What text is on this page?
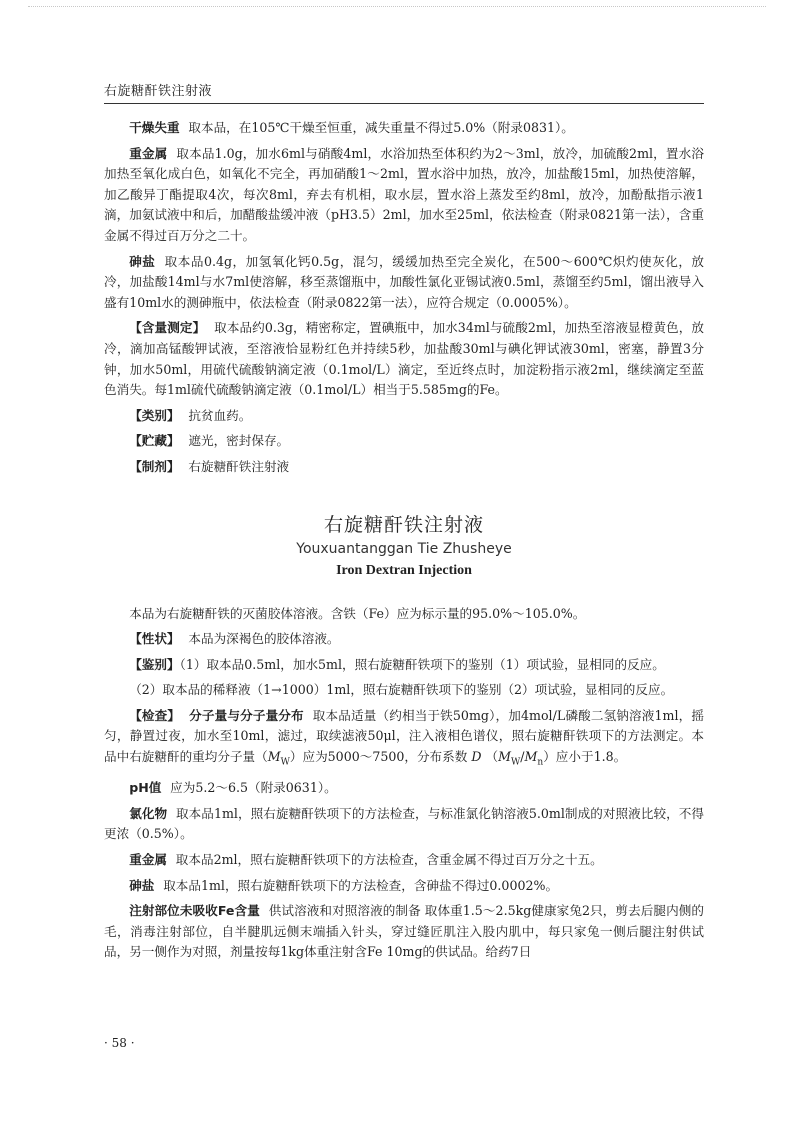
右旋糖酐铁注射液

干燥失重 取本品，在105℃干燥至恒重，减失重量不得过5.0%（附录0831）。

重金属 取本品1.0g，加水6ml与硝酸4ml，水浴加热至体积约为2～3ml，放冷，加硫酸2ml，置水浴加热至氧化成白色，如氧化不完全，再加硝酸1～2ml，置水浴中加热，放冷，加盐酸15ml，加热使溶解，加乙酸异丁酯提取4次，每次8ml，弃去有机相，取水层，置水浴上蒸发至约8ml，放冷，加酚酞指示液1滴，加氨试液中和后，加醋酸盐缓冲液（pH3.5）2ml，加水至25ml，依法检查（附录0821第一法），含重金属不得过百万分之二十。

砷盐 取本品0.4g，加氢氧化钙0.5g，混匀，缓缓加热至完全炭化，在500～600℃炽灼使灰化，放冷，加盐酸14ml与水7ml使溶解，移至蒸馏瓶中，加酸性氯化亚锡试液0.5ml，蒸馏至约5ml，馏出液导入盛有10ml水的测砷瓶中，依法检查（附录0822第一法），应符合规定（0.0005%）。

【含量测定】 取本品约0.3g，精密称定，置碘瓶中，加水34ml与硫酸2ml，加热至溶液显橙黄色，放冷，滴加高锰酸钾试液，至溶液恰显粉红色并持续5秒，加盐酸30ml与碘化钾试液30ml，密塞，静置3分钟，加水50ml，用硫代硫酸钠滴定液（0.1mol/L）滴定，至近终点时，加淀粉指示液2ml，继续滴定至蓝色消失。每1ml硫代硫酸钠滴定液（0.1mol/L）相当于5.585mg的Fe。

【类别】 抗贫血药。

【贮藏】 遮光，密封保存。

【制剂】 右旋糖酐铁注射液

右旋糖酐铁注射液
Youxuantanggan Tie Zhusheye
Iron Dextran Injection

本品为右旋糖酐铁的灭菌胶体溶液。含铁（Fe）应为标示量的95.0%～105.0%。

【性状】 本品为深褐色的胶体溶液。

【鉴别】（1）取本品0.5ml，加水5ml，照右旋糖酐铁项下的鉴别（1）项试验，显相同的反应。

（2）取本品的稀释液（1→1000）1ml，照右旋糖酐铁项下的鉴别（2）项试验，显相同的反应。

【检查】 分子量与分子量分布 取本品适量（约相当于铁50mg），加4mol/L磷酸二氢钠溶液1ml，摇匀，静置过夜，加水至10ml，滤过，取续滤液50μl，注入液相色谱仪，照右旋糖酐铁项下的方法测定。本品中右旋糖酐的重均分子量$(M_W)$应为5000～7500，分布系数 D $(M_W/M_n)$应小于1.8。

pH值 应为5.2～6.5（附录0631）。

氯化物 取本品1ml，照右旋糖酐铁项下的方法检查，与标准氯化钠溶液5.0ml制成的对照液比较，不得更浓（0.5%）。

重金属 取本品2ml，照右旋糖酐铁项下的方法检查，含重金属不得过百万分之十五。

砷盐 取本品1ml，照右旋糖酐铁项下的方法检查，含砷盐不得过0.0002%。

注射部位未吸收Fe含量 供试溶液和对照溶液的制备 取体重1.5～2.5kg健康家兔2只，剪去后腿内侧的毛，消毒注射部位，自半腱肌远侧末端插入针头，穿过缝匠肌注入股内肌中，每只家兔一侧后腿注射供试品，另一侧作为对照，剂量按每1kg体重注射含Fe 10mg的供试品。给药7日

· 58 ·
